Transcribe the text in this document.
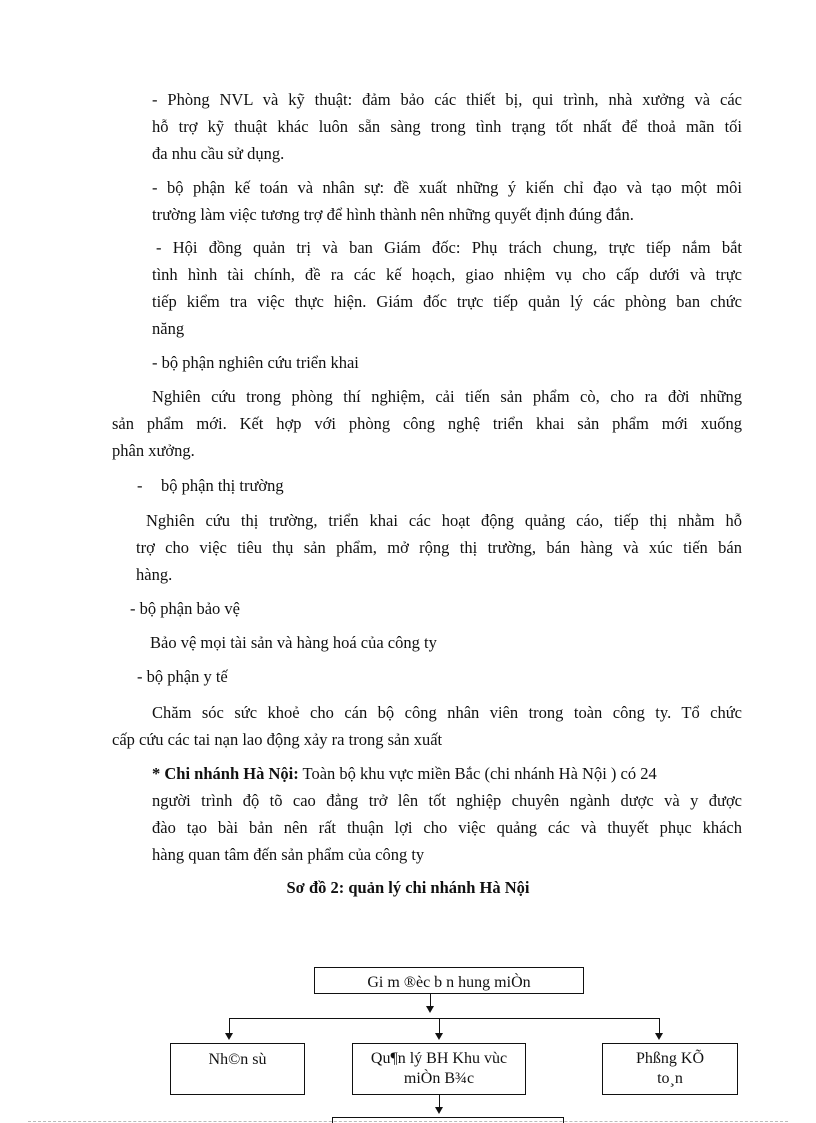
- Phòng NVL và kỹ thuật: đảm bảo các thiết bị, qui trình, nhà xưởng và các
hỗ trợ kỹ thuật khác luôn sẵn sàng trong tình trạng tốt nhất để thoả mãn tối
đa nhu cầu sử dụng.
- bộ phận kế toán và nhân sự: đề xuất những ý kiến chỉ đạo và tạo một môi
trường làm việc tương trợ để hình thành nên những quyết định đúng đắn.
- Hội đồng quản trị và ban Giám đốc: Phụ trách chung, trực tiếp nắm bắt
tình hình tài chính, đề ra các kế hoạch, giao nhiệm vụ cho cấp dưới và trực
tiếp kiểm tra việc thực hiện. Giám đốc trực tiếp quản lý các phòng ban chức
năng
- bộ phận nghiên cứu triển khai
Nghiên cứu trong phòng thí nghiệm, cải tiến sản phẩm cò, cho ra đời những
sản phẩm mới. Kết hợp với phòng công nghệ triển khai sản phẩm mới xuống
phân xưởng.
- bộ phận thị trường
Nghiên cứu thị trường, triển khai các hoạt động quảng cáo, tiếp thị nhằm hỗ
trợ cho việc tiêu thụ sản phẩm, mở rộng thị trường, bán hàng và xúc tiến bán
hàng.
- bộ phận bảo vệ
Bảo vệ mọi tài sản và hàng hoá của công ty
- bộ phận y tế
Chăm sóc sức khoẻ cho cán bộ công nhân viên trong toàn công ty. Tổ chức
cấp cứu các tai nạn lao động xảy ra trong sản xuất
* Chi nhánh Hà Nội: Toàn bộ khu vực miền Bắc (chi nhánh Hà Nội ) có 24
người trình độ tõ cao đẳng trở lên tốt nghiệp chuyên ngành dược và y được
đào tạo bài bản nên rất thuận lợi cho việc quảng các và thuyết phục khách
hàng quan tâm đến sản phẩm của công ty
Sơ đồ 2: quản lý chi nhánh Hà Nội
Gi m ®èc b n hung miÒn
Nh©n sù	Qu¶n lý BH Khu vùc
miÒn B¾c
Phßng KÕ
to¸n
